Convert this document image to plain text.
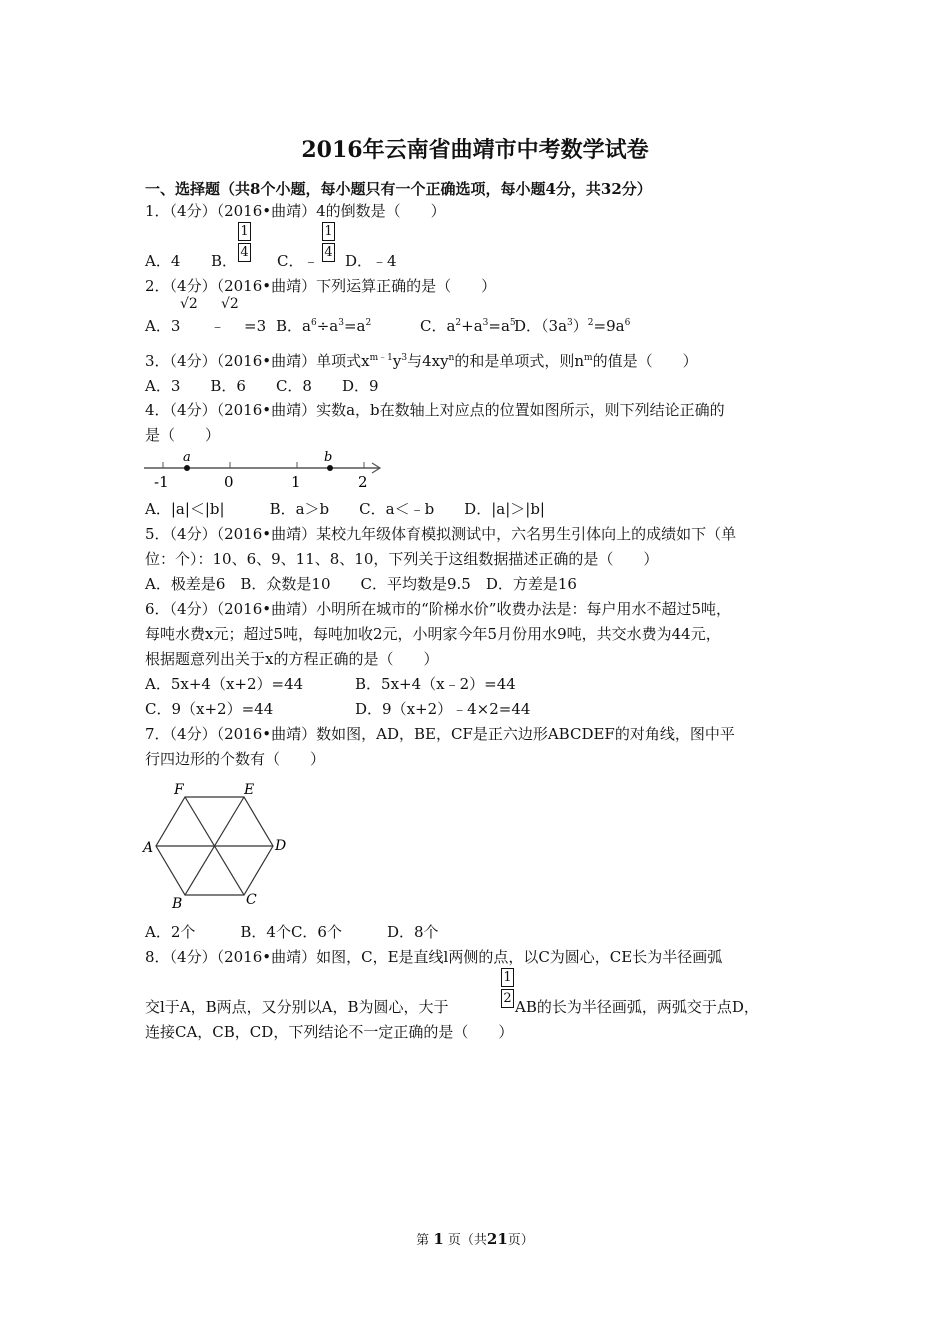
2016年云南省曲靖市中考数学试卷
一、选择题（共8个小题，每小题只有一个正确选项，每小题4分，共32分）
1．（4分）（2016•曲靖）4的倒数是（　　）
A．4 B． $\frac{1}{4}$ C．﹣ $\frac{1}{4}$ D．﹣4
2．（4分）（2016•曲靖）下列运算正确的是（　　）
A．3
√2
﹣
√2
=3 B．$a^6\div a^3=a^2$	C．$a^2+a^3=a^5$
D．$(3a^3)^2=9a^6$
3．（4分）（2016•曲靖）单项式$x^{m﹣1}y^3$与$4xy^n$的和是单项式，则$n^m$的值是（　　）
A．3　　B．6　　C．8　　D．9
4．（4分）（2016•曲靖）实数a，b在数轴上对应点的位置如图所示，则下列结论正确的
是（　　）
a	b
-1	0	1	2
A．|a|＜|b|　　　B．a＞b　　C．a＜﹣b　　D．|a|＞|b|
5．（4分）（2016•曲靖）某校九年级体育模拟测试中，六名男生引体向上的成绩如下（单
位：个）：10、6、9、11、8、10，下列关于这组数据描述正确的是（　　）
A．极差是6　B．众数是10　　C．平均数是9.5　D．方差是16
6．（4分）（2016•曲靖）小明所在城市的“阶梯水价”收费办法是：每户用水不超过5吨，
每吨水费x元；超过5吨，每吨加收2元，小明家今年5月份用水9吨，共交水费为44元，
根据题意列出关于x的方程正确的是（　　）
A．5x+4（x+2）=44	B．5x+4（x﹣2）=44
C．9（x+2）=44	D．9（x+2）﹣4×2=44
7．（4分）（2016•曲靖）数如图，AD，BE，CF是正六边形ABCDEF的对角线，图中平
行四边形的个数有（　　）
F	E
A	D
B	C
A．2个　　　B．4个C．6个　　　D．8个
8．（4分）（2016•曲靖）如图，C，E是直线l两侧的点，以C为圆心，CE长为半径画弧
交l于A，B两点，又分别以A，B为圆心，大于	$\frac{1}{2}$ AB的长为半径画弧，两弧交于点D，
连接CA，CB，CD，下列结论不一定正确的是（　　）
第 1 页（共21页）
